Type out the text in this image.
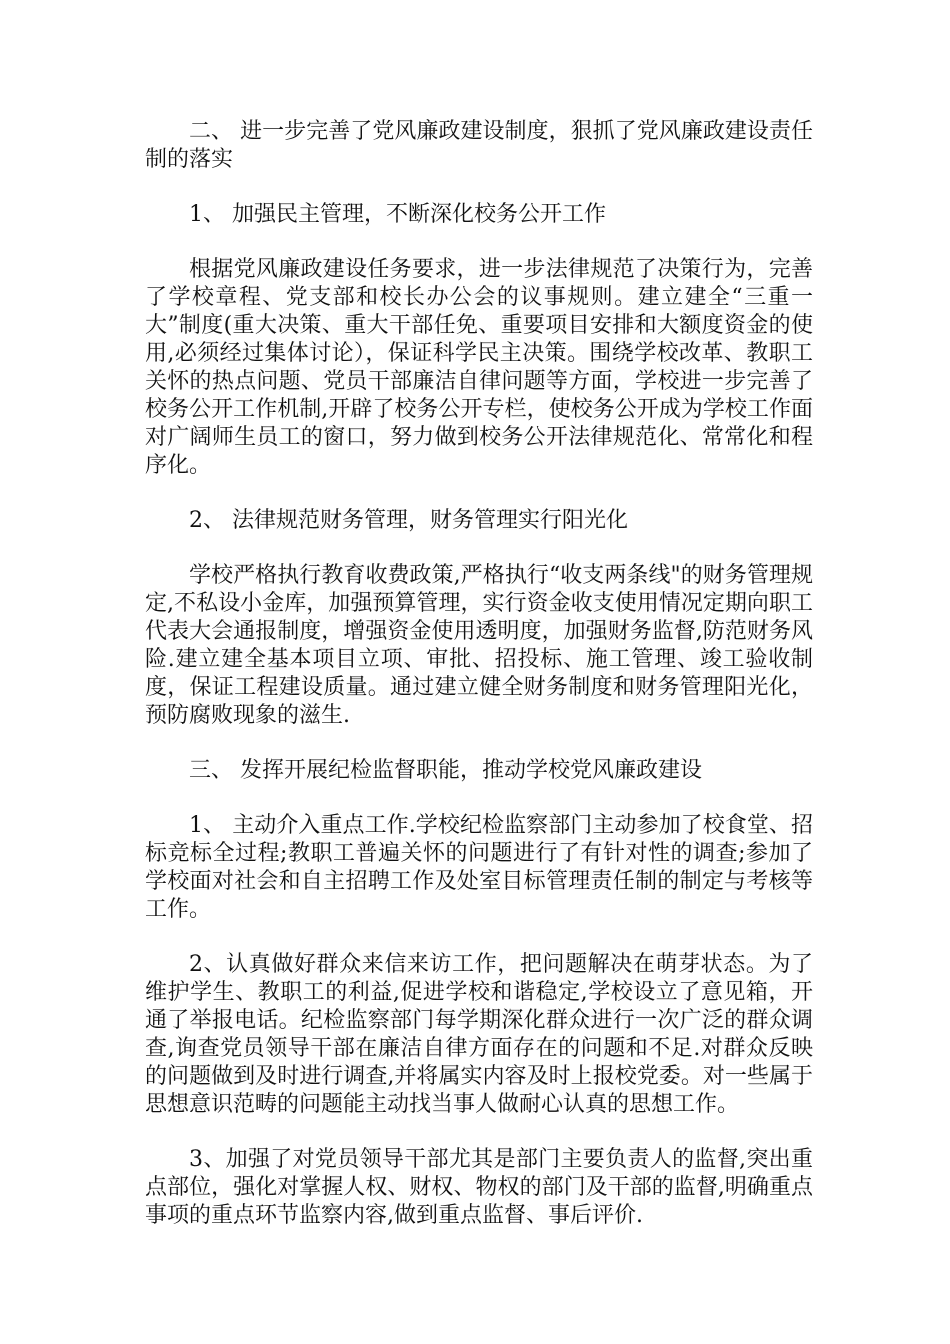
二、 进一步完善了党风廉政建设制度，狠抓了党风廉政建设责任制的落实

1、 加强民主管理，不断深化校务公开工作

根据党风廉政建设任务要求，进一步法律规范了决策行为，完善了学校章程、党支部和校长办公会的议事规则。建立建全“三重一大”制度(重大决策、重大干部任免、重要项目安排和大额度资金的使用,必须经过集体讨论），保证科学民主决策。围绕学校改革、教职工关怀的热点问题、党员干部廉洁自律问题等方面，学校进一步完善了校务公开工作机制,开辟了校务公开专栏，使校务公开成为学校工作面对广阔师生员工的窗口，努力做到校务公开法律规范化、常常化和程序化。

2、 法律规范财务管理，财务管理实行阳光化

学校严格执行教育收费政策,严格执行“收支两条线"的财务管理规定,不私设小金库，加强预算管理，实行资金收支使用情况定期向职工代表大会通报制度，增强资金使用透明度，加强财务监督,防范财务风险.建立建全基本项目立项、审批、招投标、施工管理、竣工验收制度，保证工程建设质量。通过建立健全财务制度和财务管理阳光化，预防腐败现象的滋生.

三、 发挥开展纪检监督职能，推动学校党风廉政建设

1、 主动介入重点工作.学校纪检监察部门主动参加了校食堂、招标竞标全过程;教职工普遍关怀的问题进行了有针对性的调查;参加了学校面对社会和自主招聘工作及处室目标管理责任制的制定与考核等工作。

2、认真做好群众来信来访工作，把问题解决在萌芽状态。为了维护学生、教职工的利益,促进学校和谐稳定,学校设立了意见箱，开通了举报电话。纪检监察部门每学期深化群众进行一次广泛的群众调查,询查党员领导干部在廉洁自律方面存在的问题和不足.对群众反映的问题做到及时进行调查,并将属实内容及时上报校党委。对一些属于思想意识范畴的问题能主动找当事人做耐心认真的思想工作。

3、加强了对党员领导干部尤其是部门主要负责人的监督,突出重点部位，强化对掌握人权、财权、物权的部门及干部的监督,明确重点事项的重点环节监察内容,做到重点监督、事后评价.
